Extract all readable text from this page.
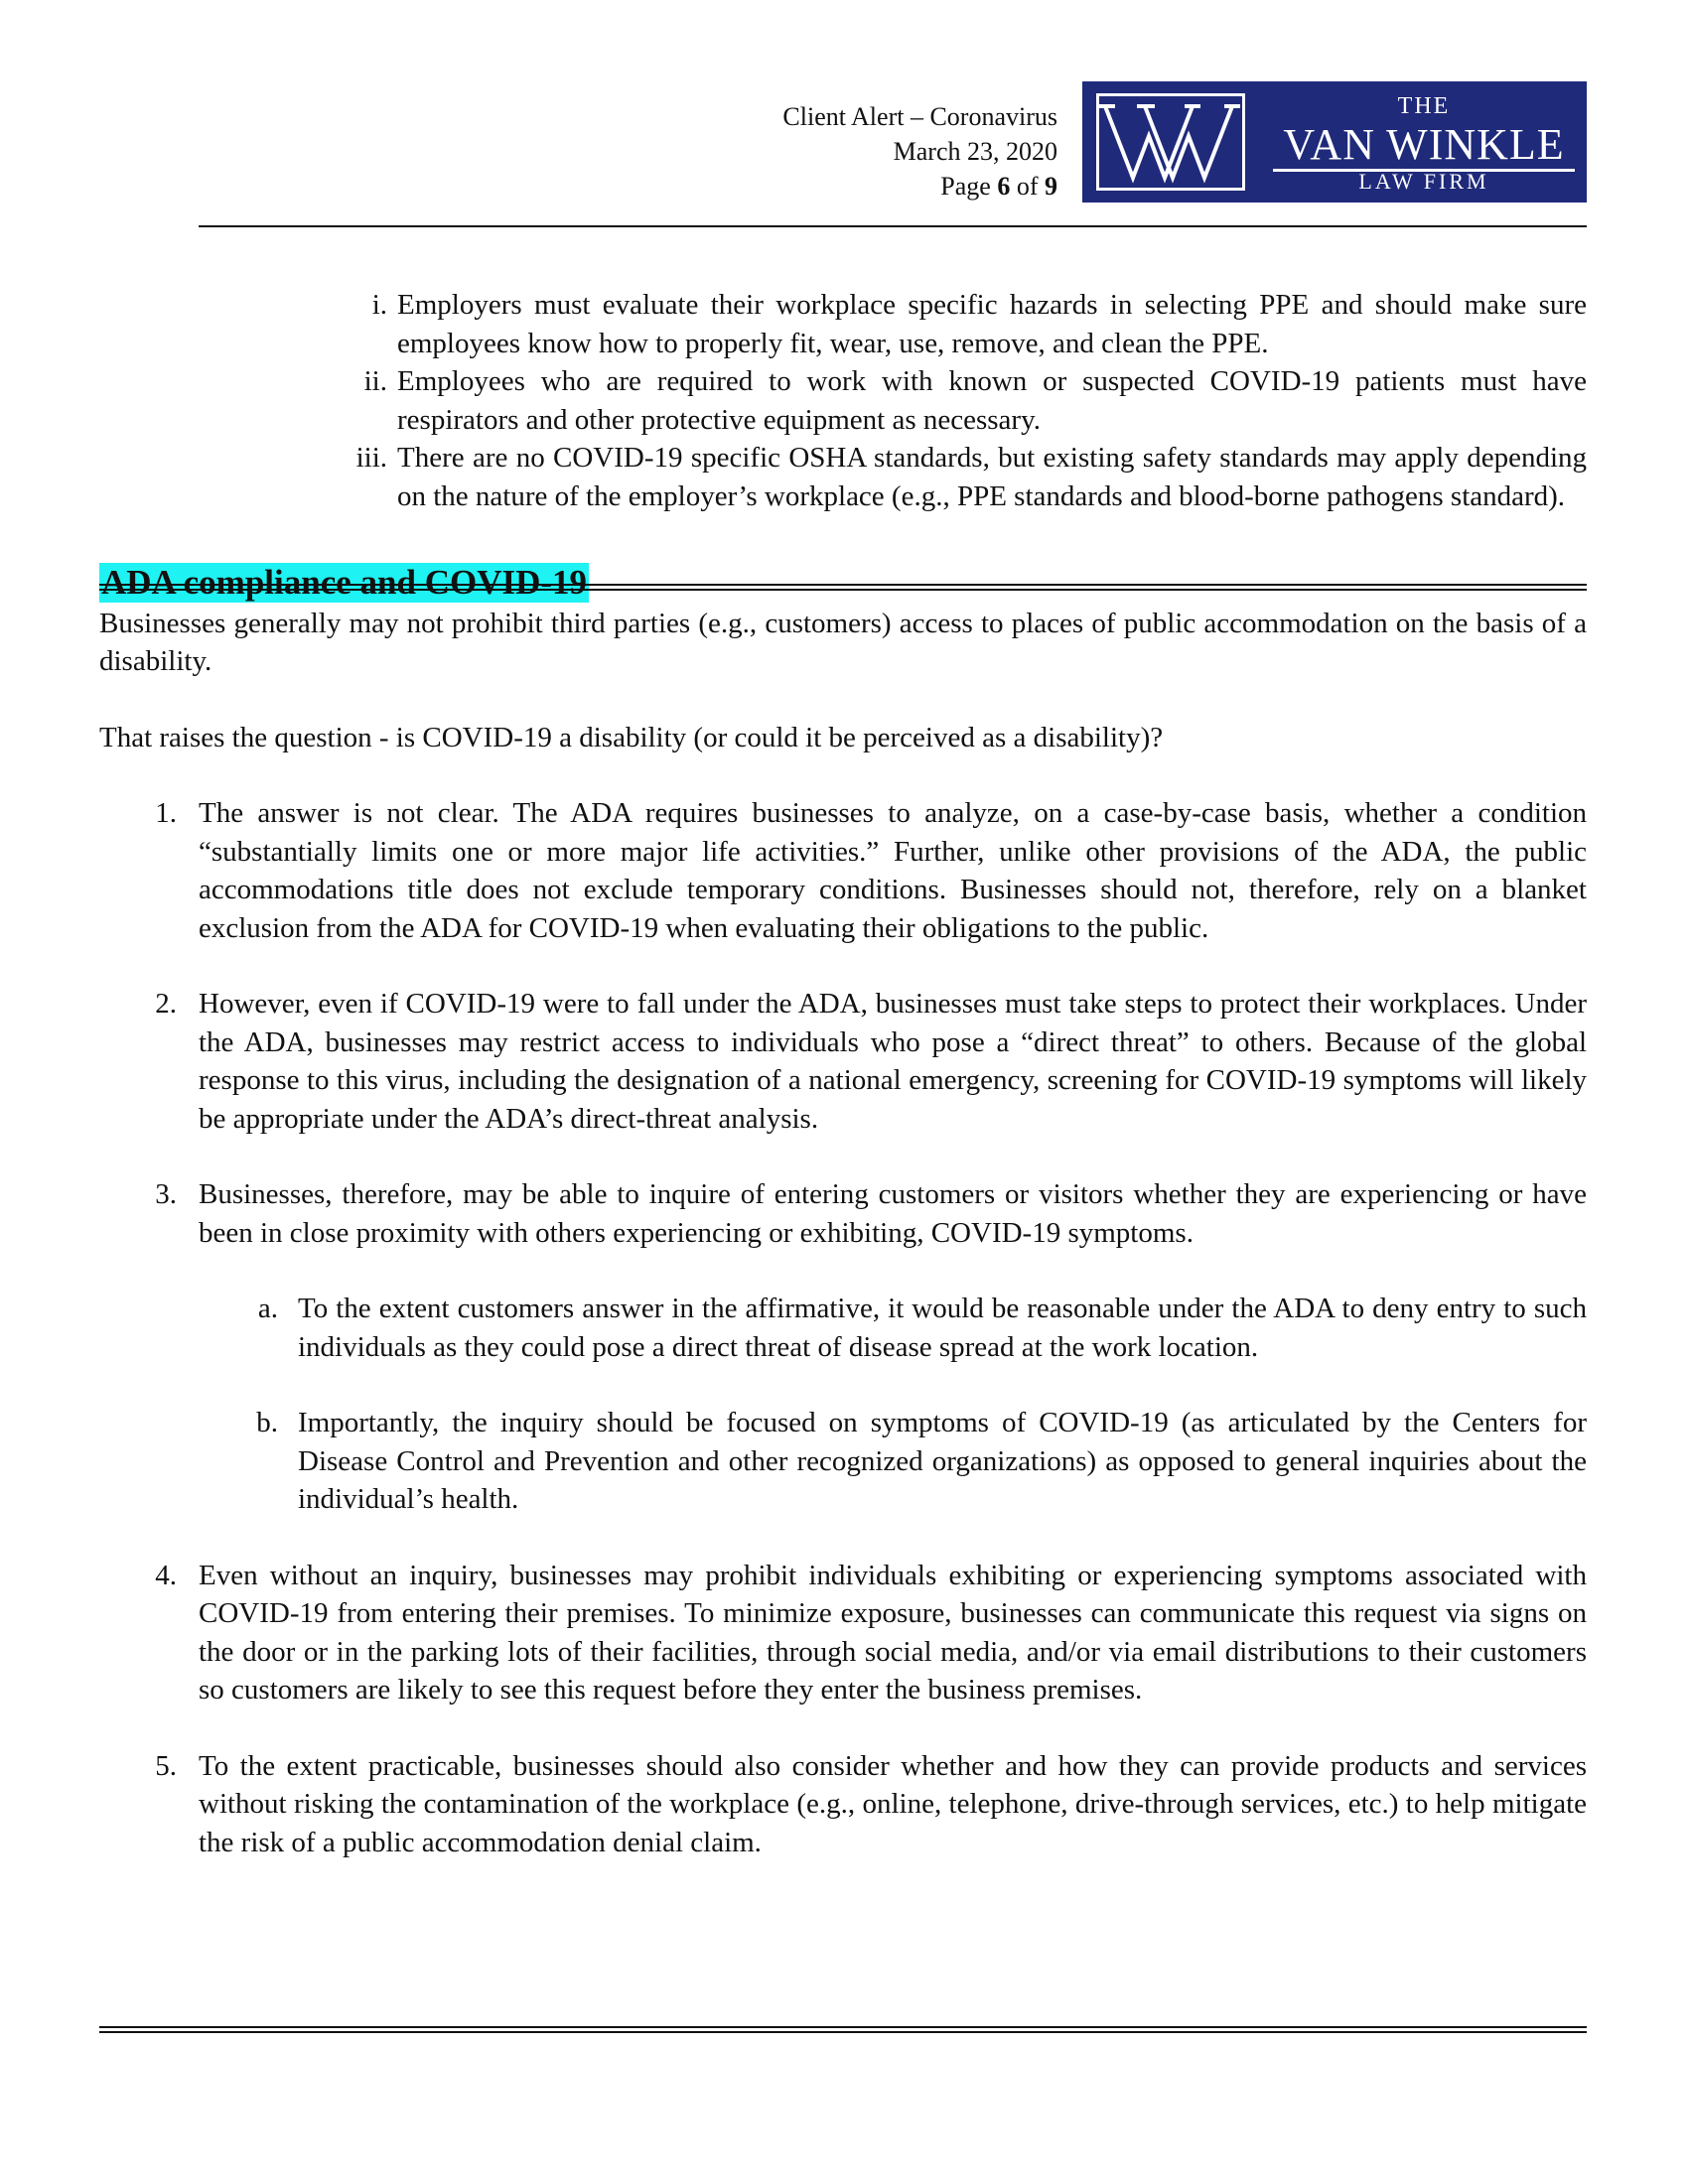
Client Alert – Coronavirus
March 23, 2020
Page 6 of 9
THE
VAN WINKLE
LAW FIRM
i. Employers must evaluate their workplace specific hazards in selecting PPE and should make sure employees know how to properly fit, wear, use, remove, and clean the PPE.
ii. Employees who are required to work with known or suspected COVID-19 patients must have respirators and other protective equipment as necessary.
iii. There are no COVID-19 specific OSHA standards, but existing safety standards may apply depending on the nature of the employer’s workplace (e.g., PPE standards and blood-borne pathogens standard).
ADA compliance and COVID-19

Businesses generally may not prohibit third parties (e.g., customers) access to places of public accommodation on the basis of a disability.

That raises the question - is COVID-19 a disability (or could it be perceived as a disability)?

1. The answer is not clear. The ADA requires businesses to analyze, on a case-by-case basis, whether a condition “substantially limits one or more major life activities.” Further, unlike other provisions of the ADA, the public accommodations title does not exclude temporary conditions. Businesses should not, therefore, rely on a blanket exclusion from the ADA for COVID-19 when evaluating their obligations to the public.
2. However, even if COVID-19 were to fall under the ADA, businesses must take steps to protect their workplaces. Under the ADA, businesses may restrict access to individuals who pose a “direct threat” to others. Because of the global response to this virus, including the designation of a national emergency, screening for COVID-19 symptoms will likely be appropriate under the ADA’s direct-threat analysis.
3. Businesses, therefore, may be able to inquire of entering customers or visitors whether they are experiencing or have been in close proximity with others experiencing or exhibiting, COVID-19 symptoms.
a. To the extent customers answer in the affirmative, it would be reasonable under the ADA to deny entry to such individuals as they could pose a direct threat of disease spread at the work location.
b. Importantly, the inquiry should be focused on symptoms of COVID-19 (as articulated by the Centers for Disease Control and Prevention and other recognized organizations) as opposed to general inquiries about the individual’s health.
4. Even without an inquiry, businesses may prohibit individuals exhibiting or experiencing symptoms associated with COVID-19 from entering their premises. To minimize exposure, businesses can communicate this request via signs on the door or in the parking lots of their facilities, through social media, and/or via email distributions to their customers so customers are likely to see this request before they enter the business premises.
5. To the extent practicable, businesses should also consider whether and how they can provide products and services without risking the contamination of the workplace (e.g., online, telephone, drive-through services, etc.) to help mitigate the risk of a public accommodation denial claim.
